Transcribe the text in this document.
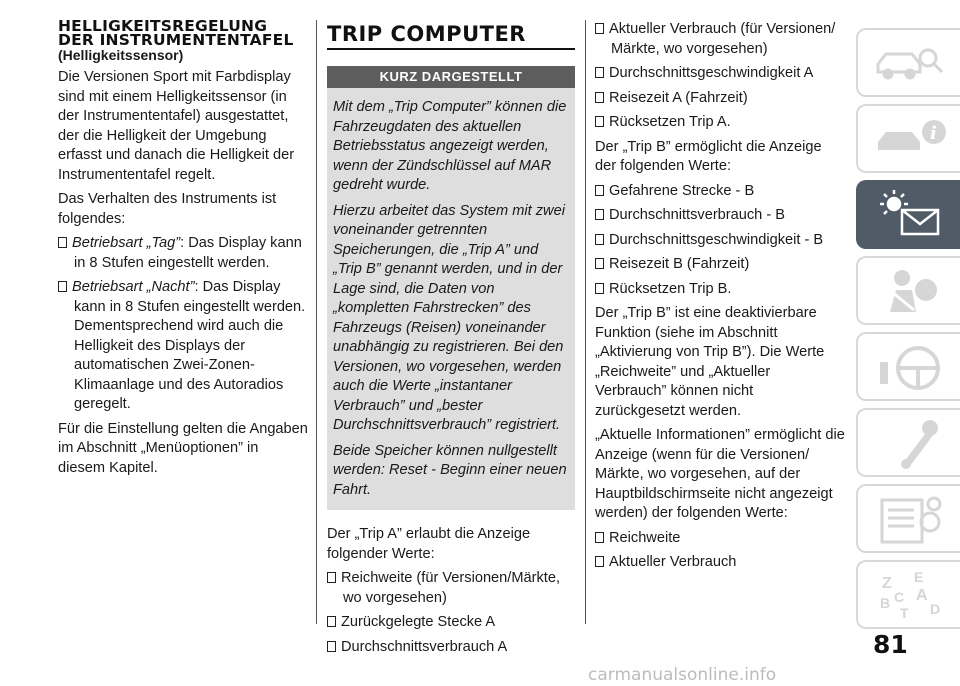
HELLIGKEITSREGELUNG DER INSTRUMENTENTAFEL
(Helligkeitssensor)

Die Versionen Sport mit Farbdisplay sind mit einem Helligkeitssensor (in der Instrumententafel) ausgestattet, der die Helligkeit der Umgebung erfasst und danach die Helligkeit der Instrumententafel regelt.

Das Verhalten des Instruments ist folgendes:

Betriebsart „Tag”: Das Display kann in 8 Stufen eingestellt werden.
Betriebsart „Nacht”: Das Display kann in 8 Stufen eingestellt werden. Dementsprechend wird auch die Helligkeit des Displays der automatischen Zwei-Zonen-Klimaanlage und des Autoradios geregelt.

Für die Einstellung gelten die Angaben im Abschnitt „Menüoptionen” in diesem Kapitel.

TRIP COMPUTER
KURZ DARGESTELLT

Mit dem „Trip Computer” können die Fahrzeugdaten des aktuellen Betriebsstatus angezeigt werden, wenn der Zündschlüssel auf MAR gedreht wurde.

Hierzu arbeitet das System mit zwei voneinander getrennten Speicherungen, die „Trip A” und „Trip B” genannt werden, und in der Lage sind, die Daten von „kompletten Fahrstrecken” des Fahrzeugs (Reisen) voneinander unabhängig zu registrieren. Bei den Versionen, wo vorgesehen, werden auch die Werte „instantaner Verbrauch” und „bester Durchschnittsverbrauch” registriert.

Beide Speicher können nullgestellt werden: Reset - Beginn einer neuen Fahrt.

Der „Trip A” erlaubt die Anzeige folgender Werte:

Reichweite (für Versionen/Märkte, wo vorgesehen)
Zurückgelegte Stecke A
Durchschnittsverbrauch A
Aktueller Verbrauch (für Versionen/ Märkte, wo vorgesehen)
Durchschnittsgeschwindigkeit A
Reisezeit A (Fahrzeit)
Rücksetzen Trip A.

Der „Trip B” ermöglicht die Anzeige der folgenden Werte:

Gefahrene Strecke - B
Durchschnittsverbrauch - B
Durchschnittsgeschwindigkeit - B
Reisezeit B (Fahrzeit)
Rücksetzen Trip B.

Der „Trip B” ist eine deaktivierbare Funktion (siehe im Abschnitt „Aktivierung von Trip B”). Die Werte „Reichweite” und „Aktueller Verbrauch” können nicht zurückgesetzt werden.

„Aktuelle Informationen” ermöglicht die Anzeige (wenn für die Versionen/ Märkte, wo vorgesehen, auf der Hauptbildschirmseite nicht angezeigt werden) der folgenden Werte:

Reichweite
Aktueller Verbrauch
i
Z E
A
B C
T D
81
carmanualsonline.info
